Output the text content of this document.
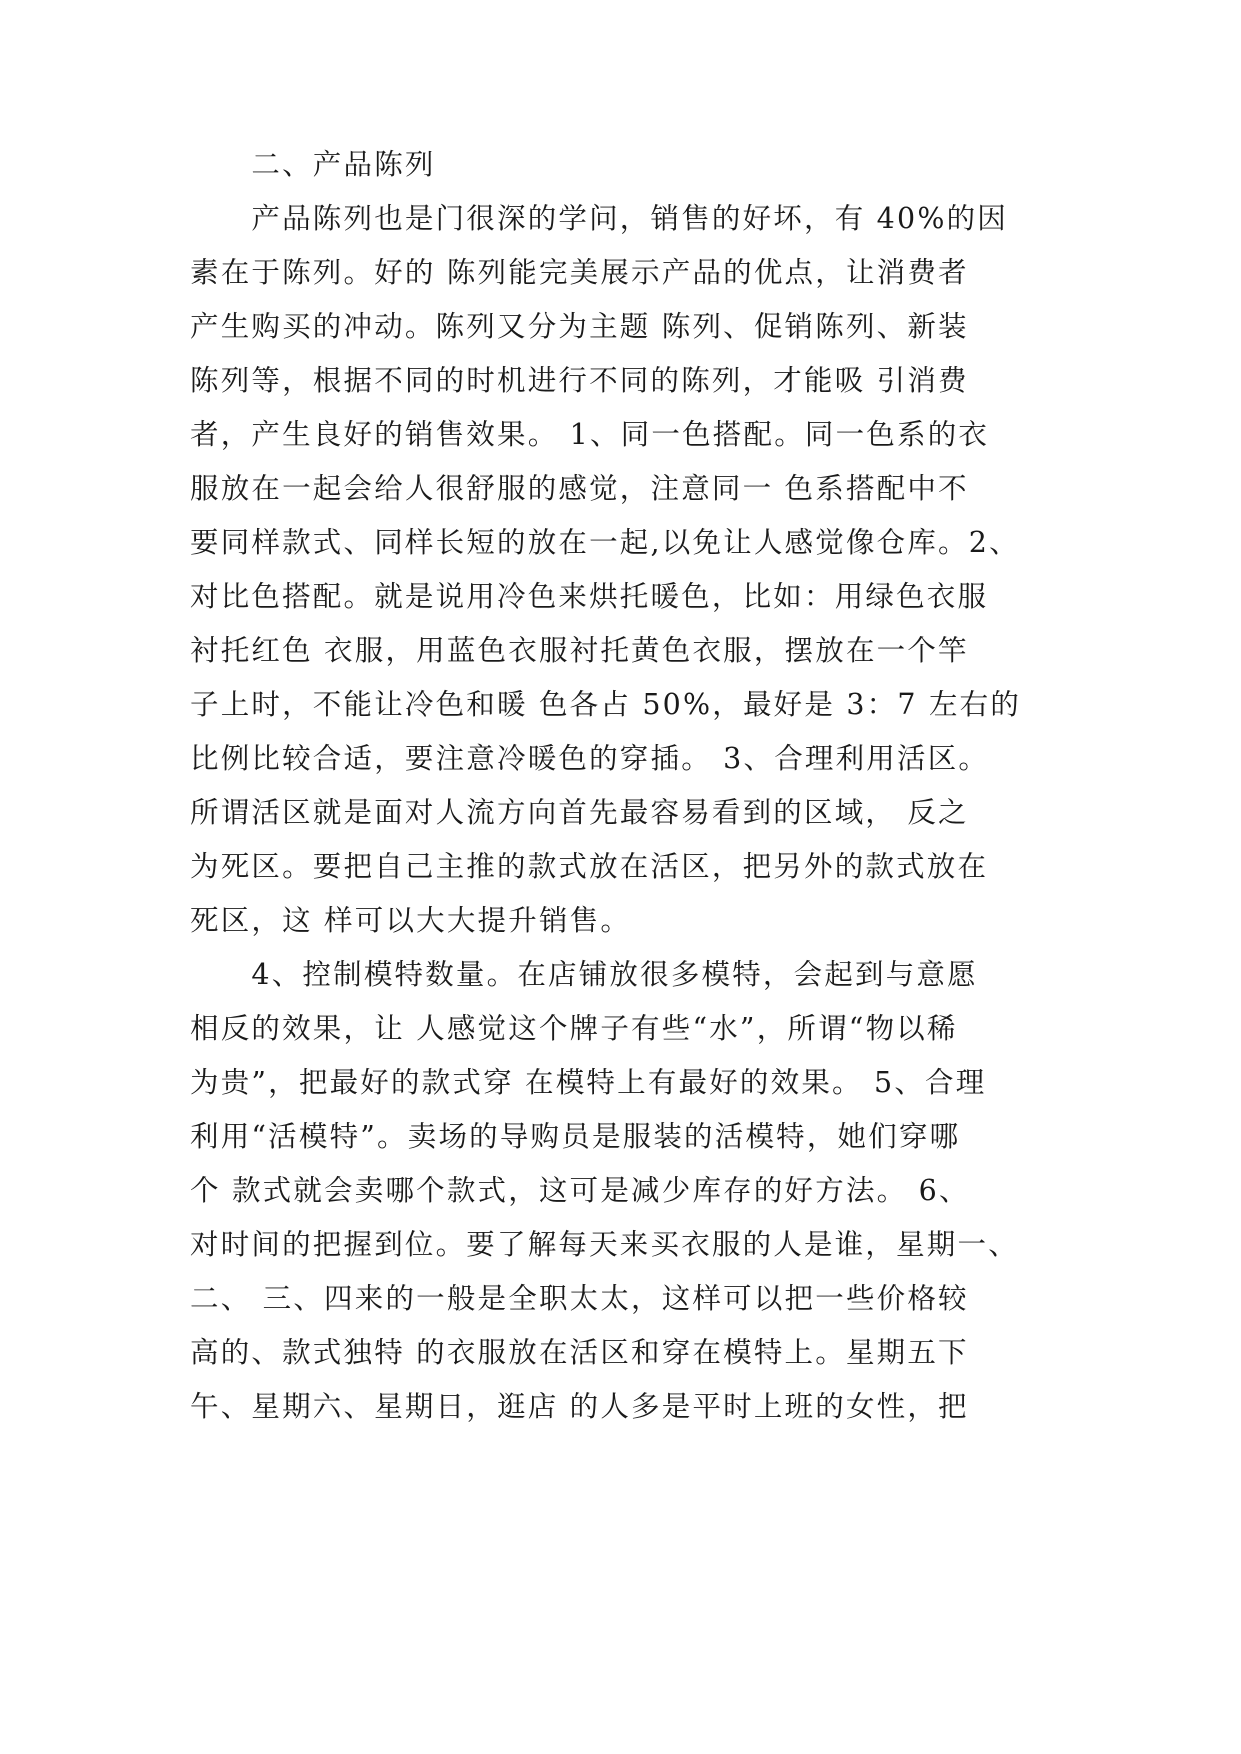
　　二、产品陈列
　　产品陈列也是门很深的学问，销售的好坏，有 40%的因
素在于陈列。好的 陈列能完美展示产品的优点，让消费者
产生购买的冲动。陈列又分为主题 陈列、促销陈列、新装
陈列等，根据不同的时机进行不同的陈列，才能吸 引消费
者，产生良好的销售效果。 1、同一色搭配。同一色系的衣
服放在一起会给人很舒服的感觉，注意同一 色系搭配中不
要同样款式、同样长短的放在一起,以免让人感觉像仓库。2、
对比色搭配。就是说用冷色来烘托暖色，比如：用绿色衣服
衬托红色 衣服，用蓝色衣服衬托黄色衣服，摆放在一个竿
子上时，不能让冷色和暖 色各占 50%，最好是 3：7 左右的
比例比较合适，要注意冷暖色的穿插。 3、合理利用活区。
所谓活区就是面对人流方向首先最容易看到的区域， 反之
为死区。要把自己主推的款式放在活区，把另外的款式放在
死区，这 样可以大大提升销售。
　　4、控制模特数量。在店铺放很多模特，会起到与意愿
相反的效果，让 人感觉这个牌子有些“水”，所谓“物以稀
为贵”，把最好的款式穿 在模特上有最好的效果。 5、合理
利用“活模特”。卖场的导购员是服装的活模特，她们穿哪
个 款式就会卖哪个款式，这可是减少库存的好方法。 6、
对时间的把握到位。要了解每天来买衣服的人是谁，星期一、
二、 三、四来的一般是全职太太，这样可以把一些价格较
高的、款式独特 的衣服放在活区和穿在模特上。星期五下
午、星期六、星期日，逛店 的人多是平时上班的女性，把
